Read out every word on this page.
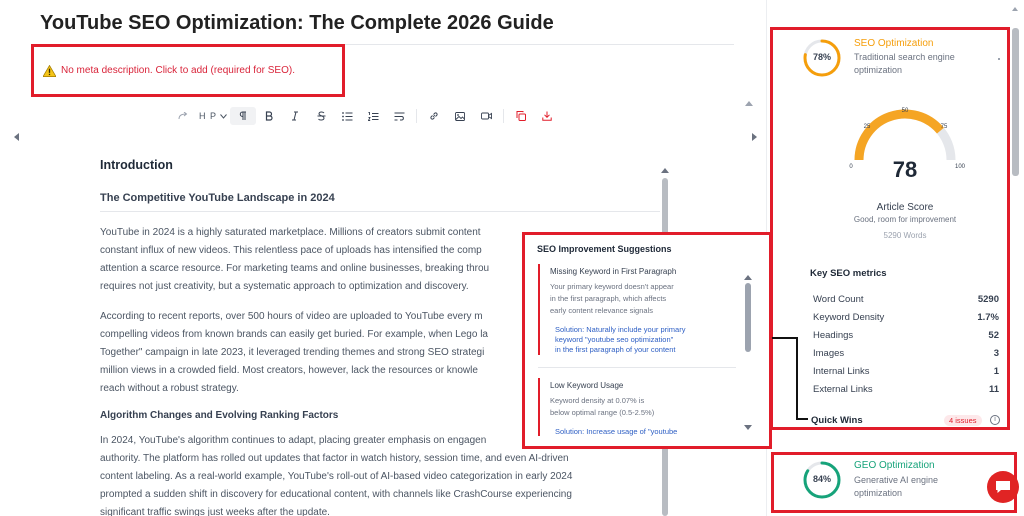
YouTube SEO Optimization: The Complete 2026 Guide
No meta description. Click to add (required for SEO).
H P
Introduction
The Competitive YouTube Landscape in 2024

YouTube in 2024 is a highly saturated marketplace. Millions of creators submit content
constant influx of new videos. This relentless pace of uploads has intensified the comp
attention a scarce resource. For marketing teams and online businesses, breaking throu
requires not just creativity, but a systematic approach to optimization and discovery.

According to recent reports, over 500 hours of video are uploaded to YouTube every m
compelling videos from known brands can easily get buried. For example, when Lego la
Together" campaign in late 2023, it leveraged trending themes and strong SEO strategi
million views in a crowded field. Most creators, however, lack the resources or knowle
reach without a robust strategy.

Algorithm Changes and Evolving Ranking Factors

In 2024, YouTube's algorithm continues to adapt, placing greater emphasis on engagen
authority. The platform has rolled out updates that factor in watch history, session time, and even AI-driven
content labeling. As a real-world example, YouTube's roll-out of AI-based video categorization in early 2024
prompted a sudden shift in discovery for educational content, with channels like CrashCourse experiencing
significant traffic swings just weeks after the update.

78%
SEO Optimization
Traditional search engine optimization
0
25
50
75
100
78
Article Score
Good, room for improvement
5290 Words
Key SEO metrics
Word Count	5290
Keyword Density	1.7%
Headings	52
Images	3
Internal Links	1
External Links	11
Quick Wins	4 issues	i
84%
GEO Optimization
Generative AI engine optimization
SEO Improvement Suggestions
Missing Keyword in First Paragraph
Your primary keyword doesn't appear
in the first paragraph, which affects
early content relevance signals
Solution: Naturally include your primary
keyword "youtube seo optimization"
in the first paragraph of your content
Low Keyword Usage
Keyword density at 0.07% is
below optimal range (0.5-2.5%)
Solution: Increase usage of "youtube
